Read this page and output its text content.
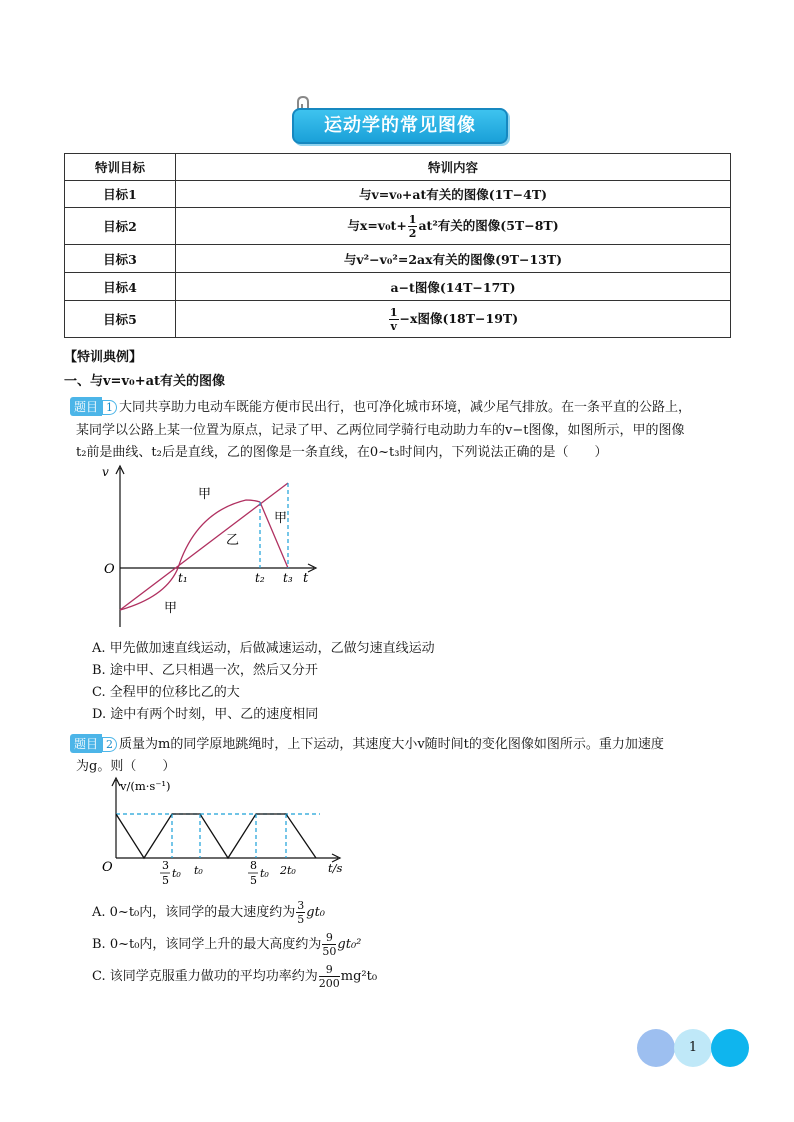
运动学的常见图像
特训目标	特训内容
目标1	与v=v₀+at有关的图像(1T−4T)
目标2	与$x=v_0t+ \frac{1}{2} at^2$有关的图像(5T−8T)
目标3	与v²−v₀²=2ax有关的图像(9T−13T)
目标4	a−t图像(14T−17T)
目标5	$\frac{1}{v} -x$图像(18T−19T)
【特训典例】
一、与v=v₀+at有关的图像
题目 1 大同共享助力电动车既能方便市民出行，也可净化城市环境，减少尾气排放。在一条平直的公路上，
某同学以公路上某一位置为原点，记录了甲、乙两位同学骑行电动助力车的v−t图像，如图所示，甲的图像
t₂前是曲线、t₂后是直线，乙的图像是一条直线，在0~t₃时间内，下列说法正确的是（　　）
v
O
t
t₁	t₂ t₃
甲
甲
乙
甲
A. 甲先做加速直线运动，后做减速运动，乙做匀速直线运动
B. 途中甲、乙只相遇一次，然后又分开
C. 全程甲的位移比乙的大
D. 途中有两个时刻，甲、乙的速度相同
题目 2 质量为m的同学原地跳绳时，上下运动，其速度大小v随时间t的变化图像如图所示。重力加速度
为g。则（　　）
v/(m·s⁻¹)
O	t/s
3
5
t₀ t₀	8
5
t₀ 2t₀
A. 0~t₀内，该同学的最大速度约为 $\frac{3}{5} gt_0$
B. 0~t₀内，该同学上升的最大高度约为 $\frac{9}{50} gt_0^2$
C. 该同学克服重力做功的平均功率约为 $\frac{9}{200} mg^2t_0$
1
